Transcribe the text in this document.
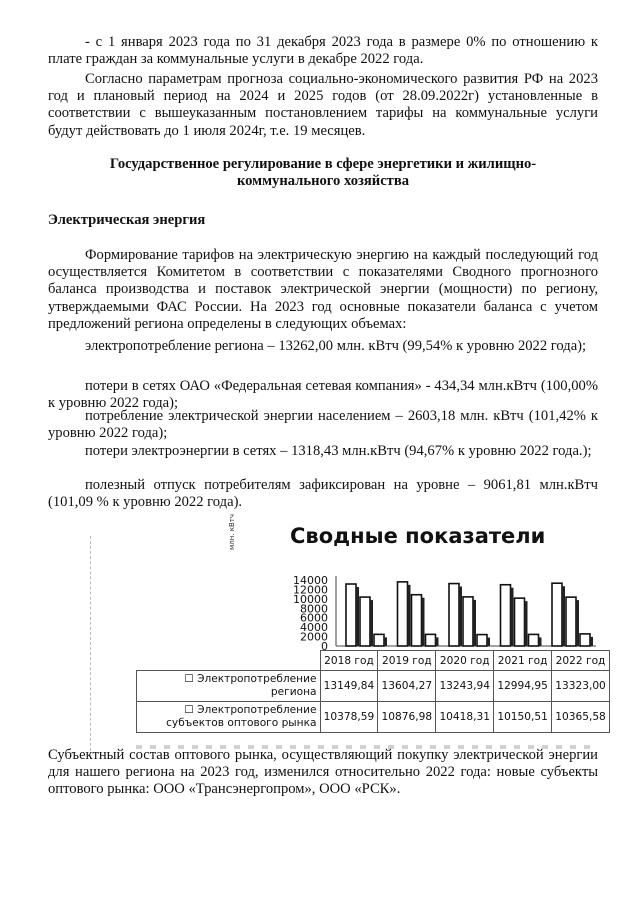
- с 1 января 2023 года по 31 декабря 2023 года в размере 0% по отношению к плате граждан за коммунальные услуги в декабре 2022 года.

Согласно параметрам прогноза социально-экономического развития РФ на 2023 год и плановый период на 2024 и 2025 годов (от 28.09.2022г) установленные в соответствии с вышеуказанным постановлением тарифы на коммунальные услуги будут действовать до 1 июля 2024г, т.е. 19 месяцев.

Государственное регулирование в сфере энергетики и жилищно-коммунального хозяйства

Электрическая энергия

Формирование тарифов на электрическую энергию на каждый последующий год осуществляется Комитетом в соответствии с показателями Сводного прогнозного баланса производства и поставок электрической энергии (мощности) по региону, утверждаемыми ФАС России. На 2023 год основные показатели баланса с учетом предложений региона определены в следующих объемах:

электропотребление региона – 13262,00 млн. кВтч (99,54% к уровню 2022 года);

потери в сетях ОАО «Федеральная сетевая компания» - 434,34 млн.кВтч (100,00% к уровню 2022 года);

потребление электрической энергии населением – 2603,18 млн. кВтч (101,42% к уровню 2022 года);

потери электроэнергии в сетях – 1318,43 млн.кВтч (94,67% к уровню 2022 года.);

полезный отпуск потребителям зафиксирован на уровне – 9061,81 млн.кВтч (101,09 % к уровню 2022 года).

Сводные показатели
млн. кВтч
14000
12000
10000
8000
6000
4000
2000
0
	2018 год	2019 год	2020 год	2021 год	2022 год
☐ Электропотребление региона	13149,84	13604,27	13243,94	12994,95	13323,00
☐ Электропотребление субъектов оптового рынка	10378,59	10876,98	10418,31	10150,51	10365,58

Субъектный состав оптового рынка, осуществляющий покупку электрической энергии для нашего региона на 2023 год, изменился относительно 2022 года: новые субъекты оптового рынка: ООО «Трансэнергопром», ООО «РСК».
